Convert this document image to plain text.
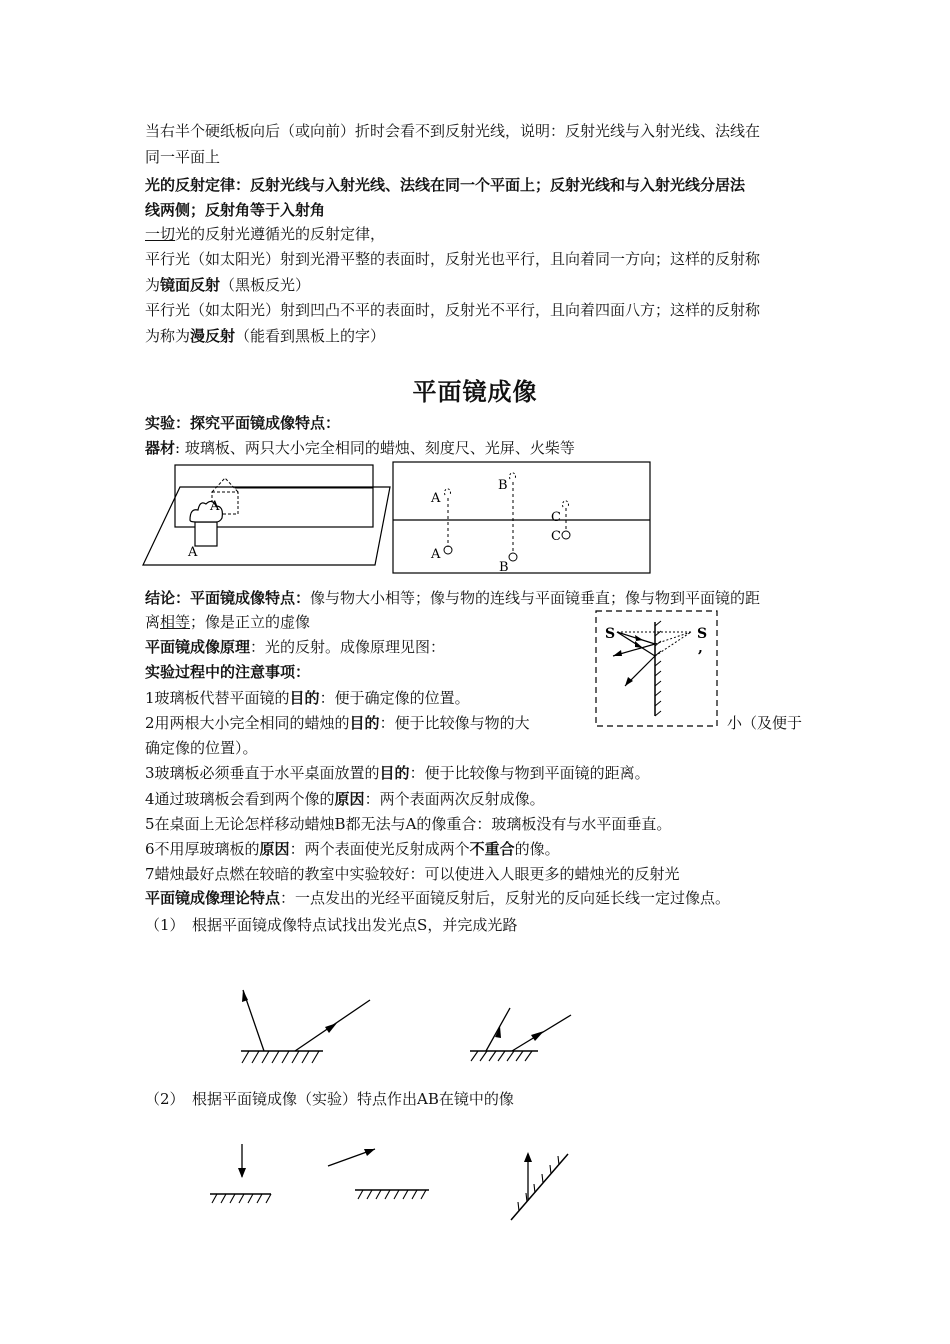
当右半个硬纸板向后（或向前）折时会看不到反射光线，说明：反射光线与入射光线、法线在
同一平面上
光的反射定律：反射光线与入射光线、法线在同一个平面上；反射光线和与入射光线分居法
线两侧；反射角等于入射角
一切光的反射光遵循光的反射定律，
平行光（如太阳光）射到光滑平整的表面时，反射光也平行，且向着同一方向；这样的反射称
为镜面反射（黑板反光）
平行光（如太阳光）射到凹凸不平的表面时，反射光不平行，且向着四面八方；这样的反射称
为称为漫反射（能看到黑板上的字）
平面镜成像
实验：探究平面镜成像特点：
器材: 玻璃板、两只大小完全相同的蜡烛、刻度尺、光屏、火柴等
A
A
A
A
B
B
C
C
结论：平面镜成像特点：像与物大小相等；像与物的连线与平面镜垂直；像与物到平面镜的距
离相等；像是正立的虚像
平面镜成像原理：光的反射。成像原理见图：
实验过程中的注意事项：
1玻璃板代替平面镜的目的：便于确定像的位置。
2用两根大小完全相同的蜡烛的目的：便于比较像与物的大	小（及便于
确定像的位置）。
3玻璃板必须垂直于水平桌面放置的目的：便于比较像与物到平面镜的距离。
4通过玻璃板会看到两个像的原因：两个表面两次反射成像。
5在桌面上无论怎样移动蜡烛B都无法与A的像重合：玻璃板没有与水平面垂直。
6不用厚玻璃板的原因：两个表面使光反射成两个不重合的像。
7蜡烛最好点燃在较暗的教室中实验较好：可以使进入人眼更多的蜡烛光的反射光
平面镜成像理论特点：一点发出的光经平面镜反射后，反射光的反向延长线一定过像点。
S	S
,
（1）　根据平面镜成像特点试找出发光点S，并完成光路
（2）　根据平面镜成像（实验）特点作出AB在镜中的像
